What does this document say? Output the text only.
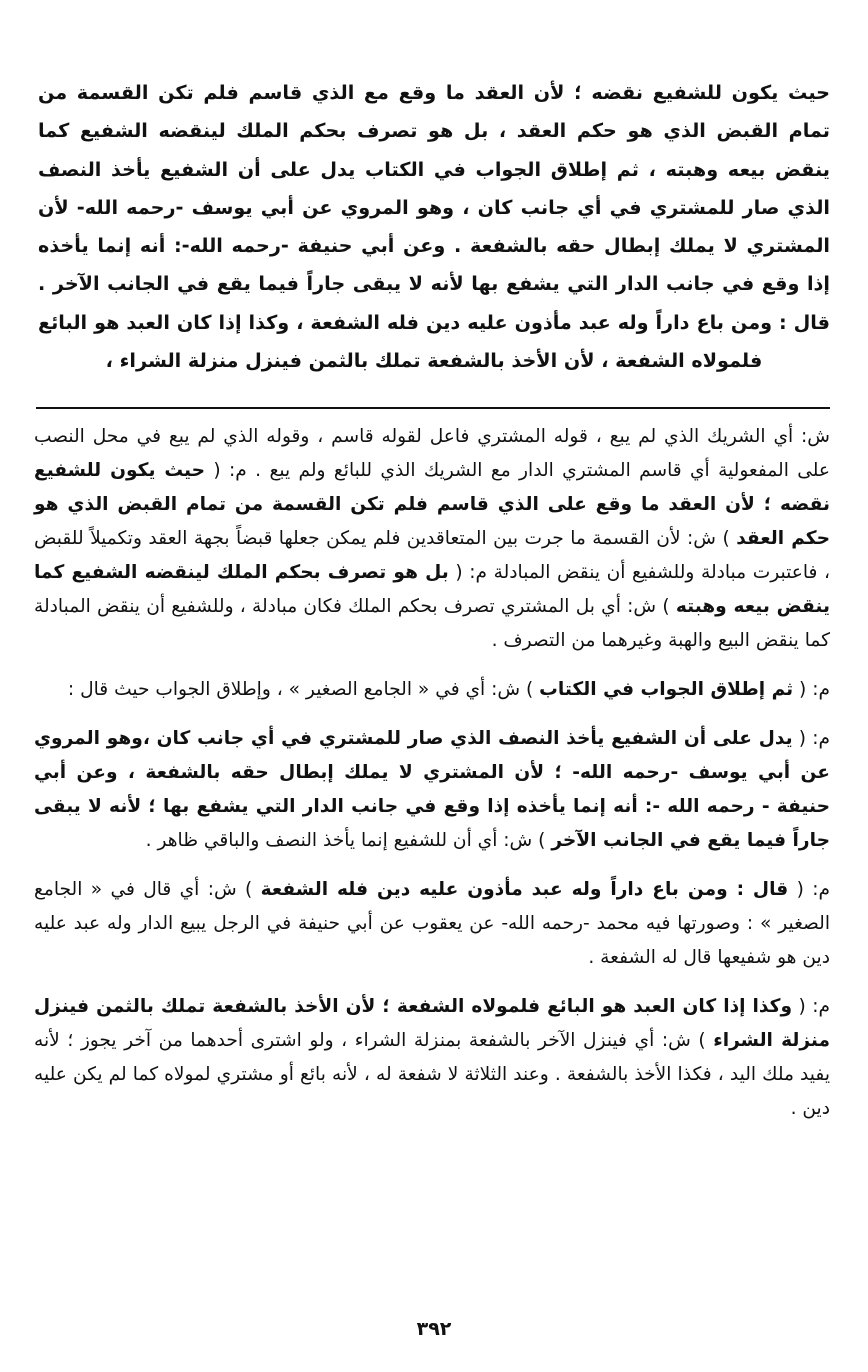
حيث يكون للشفيع نقضه ؛ لأن العقد ما وقع مع الذي قاسم فلم تكن القسمة من تمام القبض الذي هو حكم العقد ، بل هو تصرف بحكم الملك لينقضه الشفيع كما ينقض بيعه وهبته ، ثم إطلاق الجواب في الكتاب يدل على أن الشفيع يأخذ النصف الذي صار للمشتري في أي جانب كان ، وهو المروي عن أبي يوسف -رحمه الله- لأن المشتري لا يملك إبطال حقه بالشفعة . وعن أبي حنيفة -رحمه الله-: أنه إنما يأخذه إذا وقع في جانب الدار التي يشفع بها لأنه لا يبقى جاراً فيما يقع في الجانب الآخر . قال : ومن باع داراً وله عبد مأذون عليه دين فله الشفعة ، وكذا إذا كان العبد هو البائع فلمولاه الشفعة ، لأن الأخذ بالشفعة تملك بالثمن فينزل منزلة الشراء ،

ش: أي الشريك الذي لم يبع ، قوله المشتري فاعل لقوله قاسم ، وقوله الذي لم يبع في محل النصب على المفعولية أي قاسم المشتري الدار مع الشريك الذي للبائع ولم يبع . م: ( حيث يكون للشفيع نقضه ؛ لأن العقد ما وقع على الذي قاسم فلم تكن القسمة من تمام القبض الذي هو حكم العقد ) ش: لأن القسمة ما جرت بين المتعاقدين فلم يمكن جعلها قبضاً بجهة العقد وتكميلاً للقبض ، فاعتبرت مبادلة وللشفيع أن ينقض المبادلة م: ( بل هو تصرف بحكم الملك لينقضه الشفيع كما ينقض بيعه وهبته ) ش: أي بل المشتري تصرف بحكم الملك فكان مبادلة ، وللشفيع أن ينقض المبادلة كما ينقض البيع والهبة وغيرهما من التصرف .

م: ( ثم إطلاق الجواب في الكتاب ) ش: أي في « الجامع الصغير » ، وإطلاق الجواب حيث قال :

م: ( يدل على أن الشفيع يأخذ النصف الذي صار للمشتري في أي جانب كان ،وهو المروي عن أبي يوسف -رحمه الله- ؛ لأن المشتري لا يملك إبطال حقه بالشفعة ، وعن أبي حنيفة - رحمه الله -: أنه إنما يأخذه إذا وقع في جانب الدار التي يشفع بها ؛ لأنه لا يبقى جاراً فيما يقع في الجانب الآخر ) ش: أي أن للشفيع إنما يأخذ النصف والباقي ظاهر .

م: ( قال : ومن باع داراً وله عبد مأذون عليه دين فله الشفعة ) ش: أي قال في « الجامع الصغير » : وصورتها فيه محمد -رحمه الله- عن يعقوب عن أبي حنيفة في الرجل يبيع الدار وله عبد عليه دين هو شفيعها قال له الشفعة .

م: ( وكذا إذا كان العبد هو البائع فلمولاه الشفعة ؛ لأن الأخذ بالشفعة تملك بالثمن فينزل منزلة الشراء ) ش: أي فينزل الآخر بالشفعة بمنزلة الشراء ، ولو اشترى أحدهما من آخر يجوز ؛ لأنه يفيد ملك اليد ، فكذا الأخذ بالشفعة . وعند الثلاثة لا شفعة له ، لأنه بائع أو مشتري لمولاه كما لم يكن عليه دين .

٣٩٢
